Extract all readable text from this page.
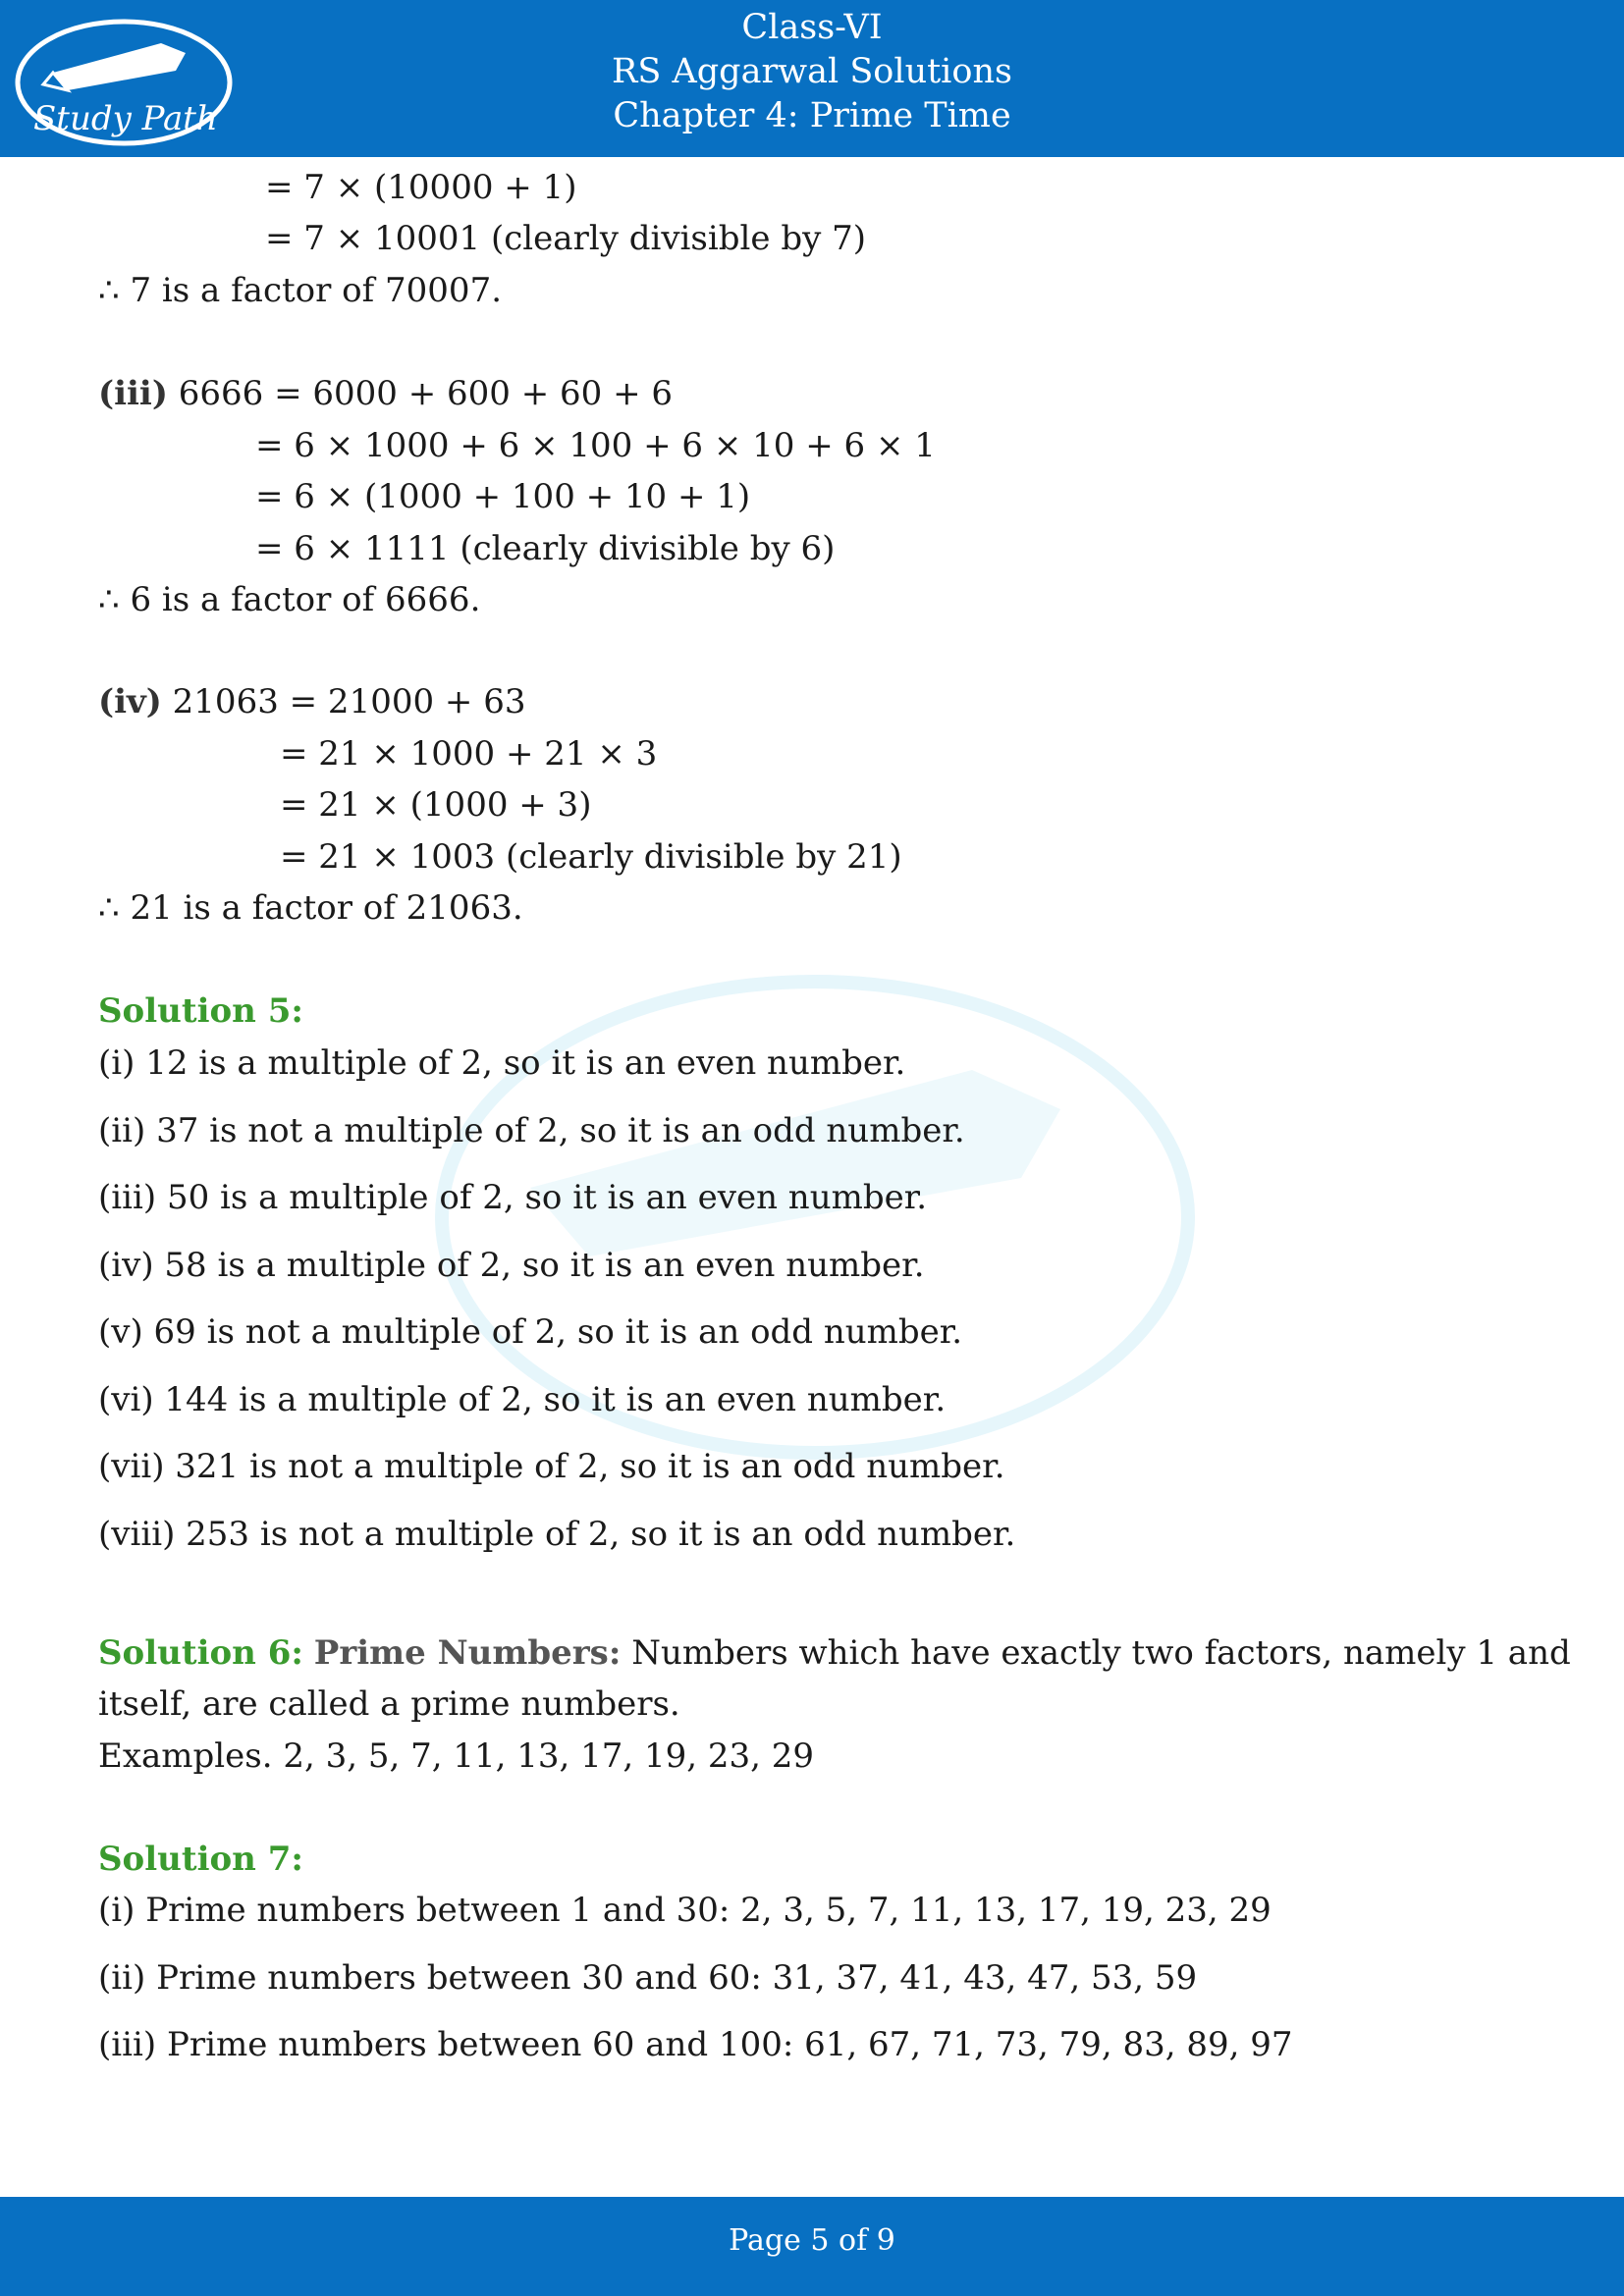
Study Path
Class-VI
RS Aggarwal Solutions
Chapter 4: Prime Time
= 7 × (10000 + 1)
= 7 × 10001 (clearly divisible by 7)
∴ 7 is a factor of 70007.
(iii) 6666 = 6000 + 600 + 60 + 6
= 6 × 1000 + 6 × 100 + 6 × 10 + 6 × 1
= 6 × (1000 + 100 + 10 + 1)
= 6 × 1111 (clearly divisible by 6)
∴ 6 is a factor of 6666.
(iv) 21063 = 21000 + 63
= 21 × 1000 + 21 × 3
= 21 × (1000 + 3)
= 21 × 1003 (clearly divisible by 21)
∴ 21 is a factor of 21063.
Solution 5:
(i) 12 is a multiple of 2, so it is an even number.
(ii) 37 is not a multiple of 2, so it is an odd number.
(iii) 50 is a multiple of 2, so it is an even number.
(iv) 58 is a multiple of 2, so it is an even number.
(v) 69 is not a multiple of 2, so it is an odd number.
(vi) 144 is a multiple of 2, so it is an even number.
(vii) 321 is not a multiple of 2, so it is an odd number.
(viii) 253 is not a multiple of 2, so it is an odd number.
Solution 6: Prime Numbers: Numbers which have exactly two factors, namely 1 and
itself, are called a prime numbers.
Examples. 2, 3, 5, 7, 11, 13, 17, 19, 23, 29
Solution 7:
(i) Prime numbers between 1 and 30: 2, 3, 5, 7, 11, 13, 17, 19, 23, 29
(ii) Prime numbers between 30 and 60: 31, 37, 41, 43, 47, 53, 59
(iii) Prime numbers between 60 and 100: 61, 67, 71, 73, 79, 83, 89, 97
Page 5 of 9
